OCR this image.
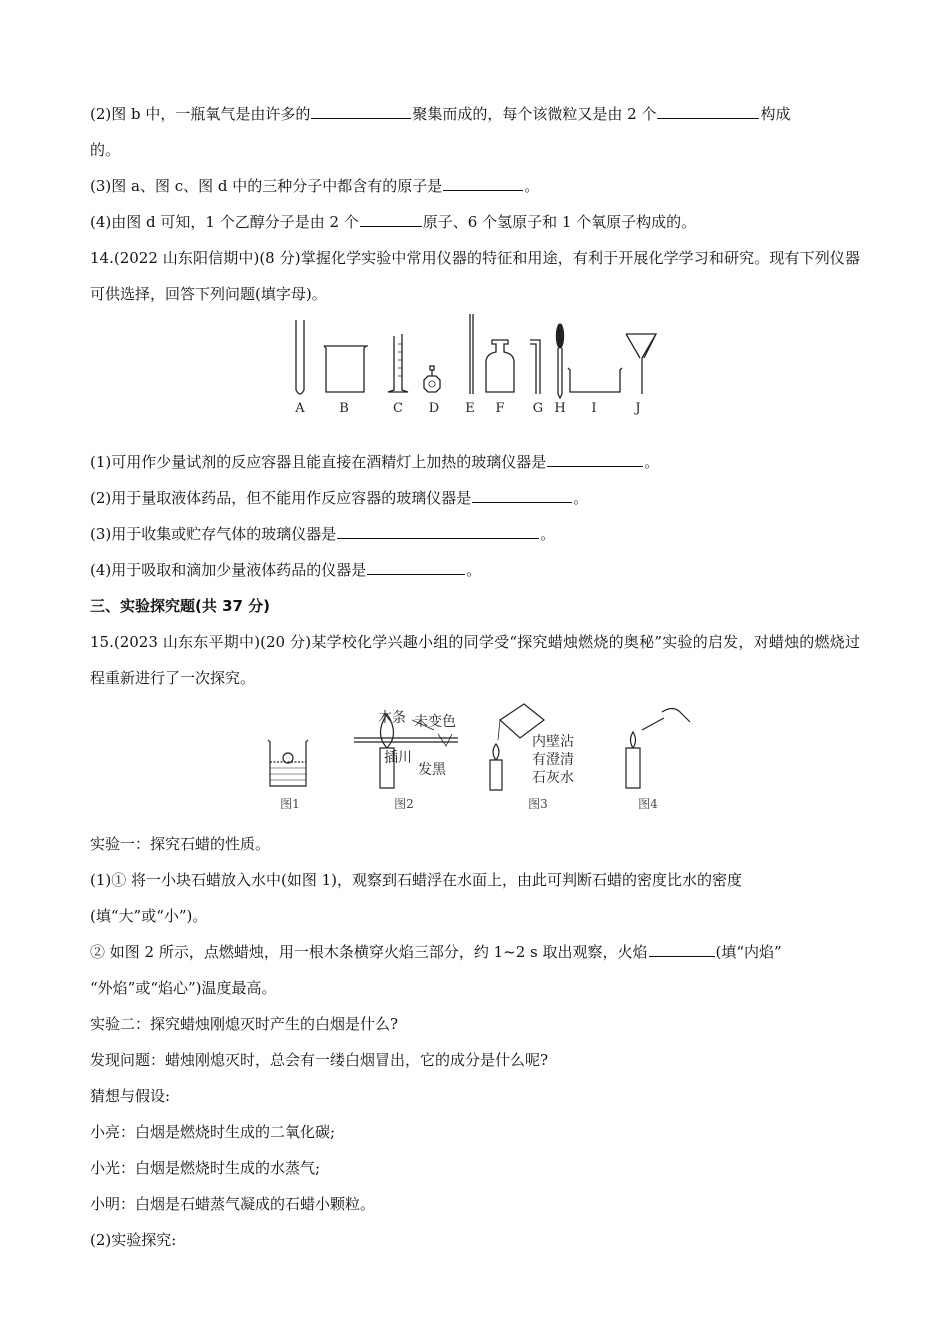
(2)图 b 中，一瓶氧气是由许多的	聚集而成的，每个该微粒又是由 2 个	构成

的。

(3)图 a、图 c、图 d 中的三种分子中都含有的原子是	。

(4)由图 d 可知，1 个乙醇分子是由 2 个	原子、6 个氢原子和 1 个氧原子构成的。

14.(2022 山东阳信期中)(8 分)掌握化学实验中常用仪器的特征和用途，有利于开展化学学习和研究。现有下列仪器可供选择，回答下列问题(填字母)。

A	B	C D E F G H I	J

(1)可用作少量试剂的反应容器且能直接在酒精灯上加热的玻璃仪器是	。

(2)用于量取液体药品，但不能用作反应容器的玻璃仪器是	。

(3)用于收集或贮存气体的玻璃仪器是	。

(4)用于吸取和滴加少量液体药品的仪器是	。

三、实验探究题(共 37 分)

15.(2023 山东东平期中)(20 分)某学校化学兴趣小组的同学受“探究蜡烛燃烧的奥秘”实验的启发，对蜡烛的燃烧过程重新进行了一次探究。

木条 未变色
插川
发黑
内壁沾
有澄清
石灰水
图1	图2	图3	图4

实验一：探究石蜡的性质。

(1)① 将一小块石蜡放入水中(如图 1)，观察到石蜡浮在水面上，由此可判断石蜡的密度比水的密度

(填“大”或“小”)。

② 如图 2 所示，点燃蜡烛，用一根木条横穿火焰三部分，约 1~2 s 取出观察，火焰	(填“内焰”

“外焰”或“焰心”)温度最高。

实验二：探究蜡烛刚熄灭时产生的白烟是什么?

发现问题：蜡烛刚熄灭时，总会有一缕白烟冒出，它的成分是什么呢?

猜想与假设:

小亮：白烟是燃烧时生成的二氧化碳;

小光：白烟是燃烧时生成的水蒸气;

小明：白烟是石蜡蒸气凝成的石蜡小颗粒。

(2)实验探究:
